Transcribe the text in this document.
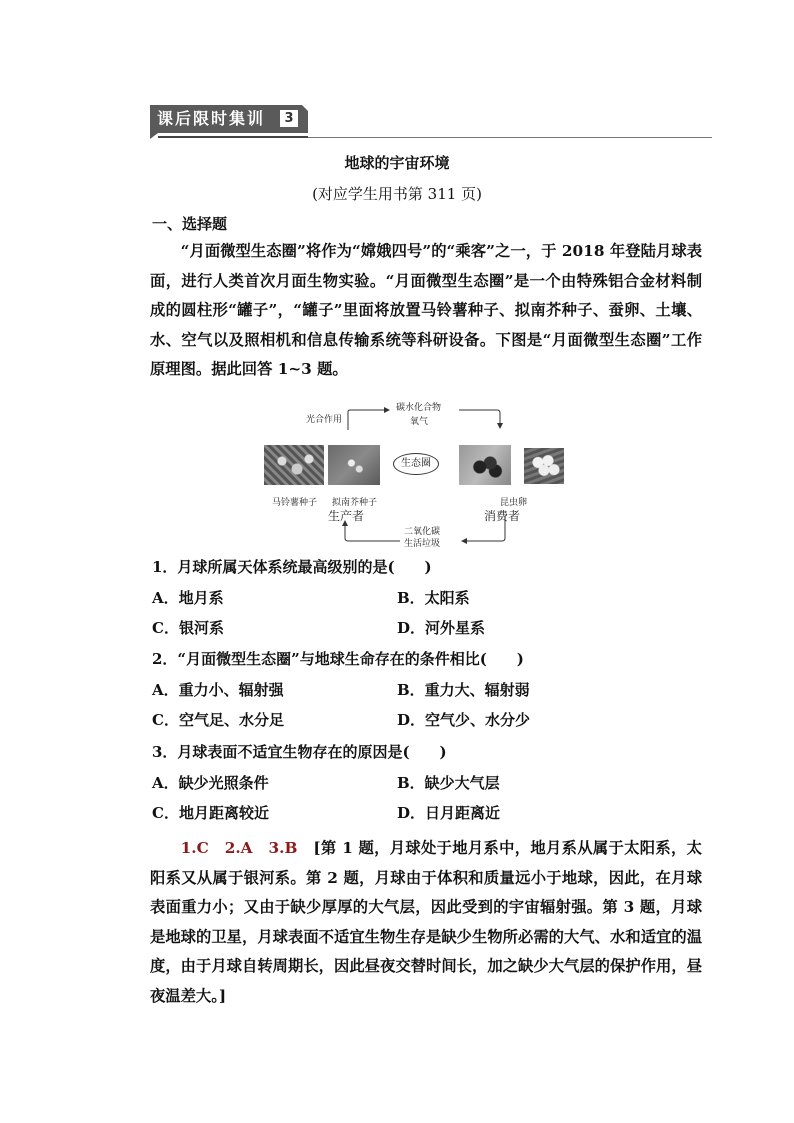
课后限时集训	3
地球的宇宙环境
(对应学生用书第 311 页)
一、选择题

“月面微型生态圈”将作为“嫦娥四号”的“乘客”之一，于 2018 年登陆月球表面，进行人类首次月面生物实验。“月面微型生态圈”是一个由特殊铝合金材料制成的圆柱形“罐子”，“罐子”里面将放置马铃薯种子、拟南芥种子、蚕卵、土壤、水、空气以及照相机和信息传输系统等科研设备。下图是“月面微型生态圈”工作原理图。据此回答 1~3 题。

光合作用
碳水化合物
氧气
生态圈
马铃薯种子 拟南芥种子	昆虫卵
生产者	消费者
二氧化碳
生活垃圾
1．月球所属天体系统最高级别的是(　　)
A．地月系	B．太阳系
C．银河系	D．河外星系
2．“月面微型生态圈”与地球生命存在的条件相比(　　)
A．重力小、辐射强	B．重力大、辐射弱
C．空气足、水分足	D．空气少、水分少
3．月球表面不适宜生物存在的原因是(　　)
A．缺少光照条件	B．缺少大气层
C．地月距离较近	D．日月距离近

1.C　2.A　3.B　 [第 1 题，月球处于地月系中，地月系从属于太阳系，太阳系又从属于银河系。第 2 题，月球由于体积和质量远小于地球，因此，在月球表面重力小；又由于缺少厚厚的大气层，因此受到的宇宙辐射强。第 3 题，月球是地球的卫星，月球表面不适宜生物生存是缺少生物所必需的大气、水和适宜的温度，由于月球自转周期长，因此昼夜交替时间长，加之缺少大气层的保护作用，昼夜温差大。]
